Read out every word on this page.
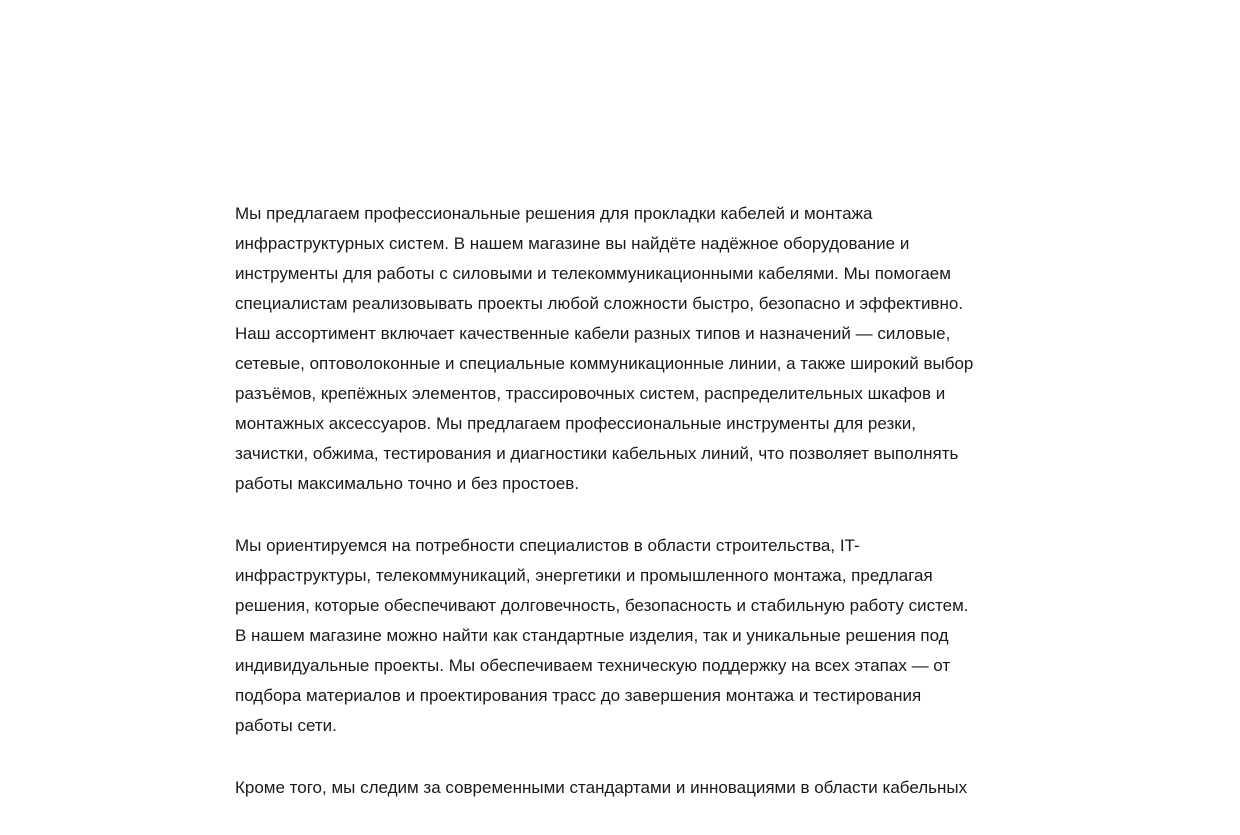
Мы предлагаем профессиональные решения для прокладки кабелей и монтажа инфраструктурных систем. В нашем магазине вы найдёте надёжное оборудование и инструменты для работы с силовыми и телекоммуникационными кабелями. Мы помогаем специалистам реализовывать проекты любой сложности быстро, безопасно и эффективно. Наш ассортимент включает качественные кабели разных типов и назначений — силовые, сетевые, оптоволоконные и специальные коммуникационные линии, а также широкий выбор разъёмов, крепёжных элементов, трассировочных систем, распределительных шкафов и монтажных аксессуаров. Мы предлагаем профессиональные инструменты для резки, зачистки, обжима, тестирования и диагностики кабельных линий, что позволяет выполнять работы максимально точно и без простоев.

Мы ориентируемся на потребности специалистов в области строительства, IT-инфраструктуры, телекоммуникаций, энергетики и промышленного монтажа, предлагая решения, которые обеспечивают долговечность, безопасность и стабильную работу систем. В нашем магазине можно найти как стандартные изделия, так и уникальные решения под индивидуальные проекты. Мы обеспечиваем техническую поддержку на всех этапах — от подбора материалов и проектирования трасс до завершения монтажа и тестирования работы сети.

Кроме того, мы следим за современными стандартами и инновациями в области кабельных
